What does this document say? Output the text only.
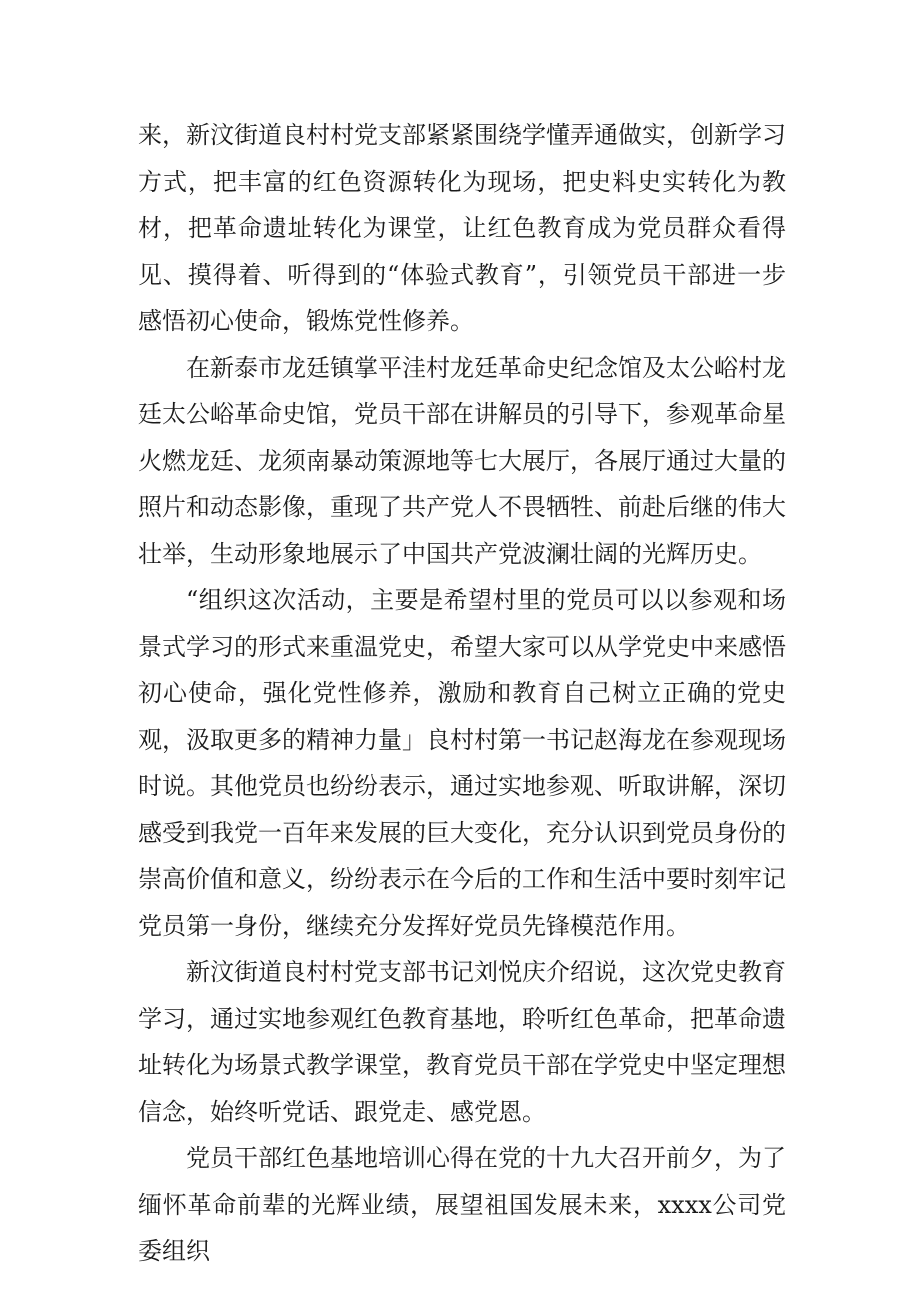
来，新汶街道良村村党支部紧紧围绕学懂弄通做实，创新学习方式，把丰富的红色资源转化为现场，把史料史实转化为教材，把革命遗址转化为课堂，让红色教育成为党员群众看得见、摸得着、听得到的“体验式教育”，引领党员干部进一步感悟初心使命，锻炼党性修养。

在新泰市龙廷镇掌平洼村龙廷革命史纪念馆及太公峪村龙廷太公峪革命史馆，党员干部在讲解员的引导下，参观革命星火燃龙廷、龙须南暴动策源地等七大展厅，各展厅通过大量的照片和动态影像，重现了共产党人不畏牺牲、前赴后继的伟大壮举，生动形象地展示了中国共产党波澜壮阔的光辉历史。

“组织这次活动，主要是希望村里的党员可以以参观和场景式学习的形式来重温党史，希望大家可以从学党史中来感悟初心使命，强化党性修养，激励和教育自己树立正确的党史观，汲取更多的精神力量」良村村第一书记赵海龙在参观现场时说。其他党员也纷纷表示，通过实地参观、听取讲解，深切感受到我党一百年来发展的巨大变化，充分认识到党员身份的崇高价值和意义，纷纷表示在今后的工作和生活中要时刻牢记党员第一身份，继续充分发挥好党员先锋模范作用。

新汶街道良村村党支部书记刘悦庆介绍说，这次党史教育学习，通过实地参观红色教育基地，聆听红色革命，把革命遗址转化为场景式教学课堂，教育党员干部在学党史中坚定理想信念，始终听党话、跟党走、感党恩。

党员干部红色基地培训心得在党的十九大召开前夕，为了缅怀革命前辈的光辉业绩，展望祖国发展未来，xxxx公司党委组织
